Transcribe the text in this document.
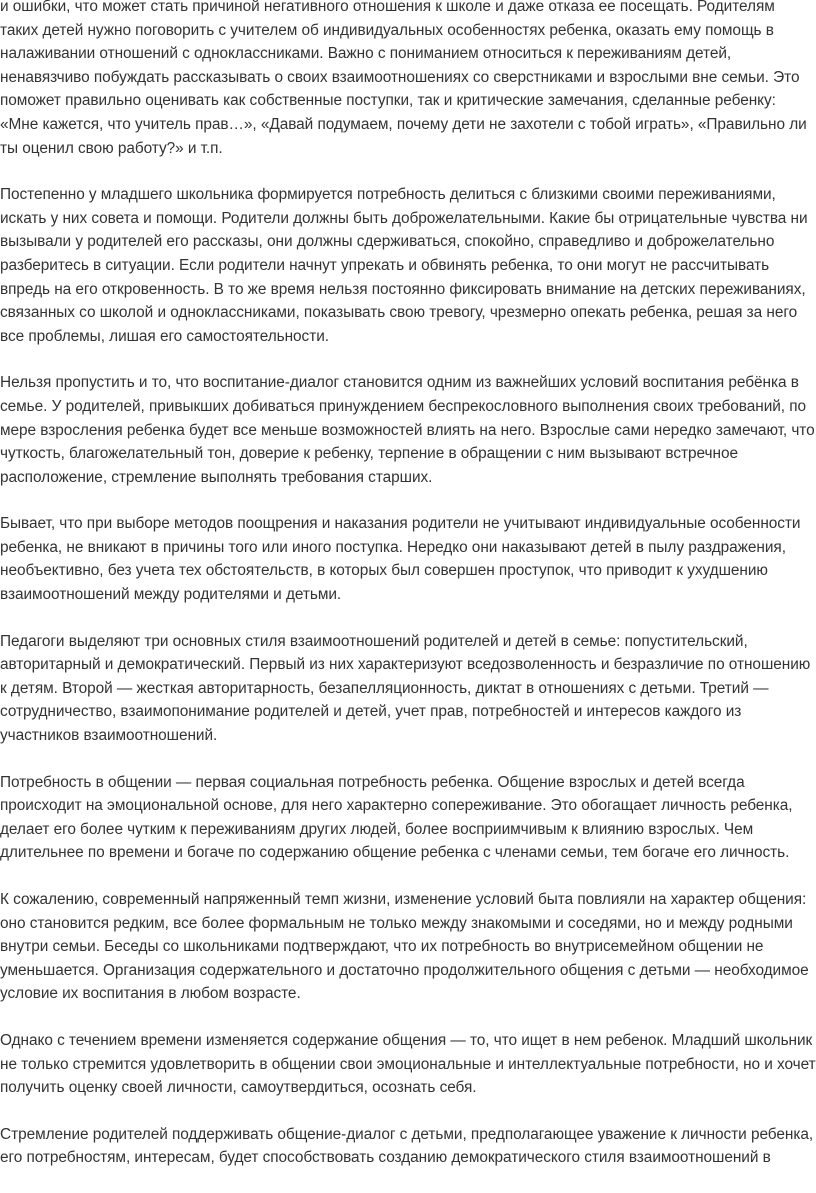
и ошибки, что может стать причиной негативного отношения к школе и даже отказа ее посещать. Родителям таких детей нужно поговорить с учителем об индивидуальных особенностях ребенка, оказать ему помощь в налаживании отношений с одноклассниками. Важно с пониманием относиться к переживаниям детей, ненавязчиво побуждать рассказывать о своих взаимоотношениях со сверстниками и взрослыми вне семьи. Это поможет правильно оценивать как собственные поступки, так и критические замечания, сделанные ребенку: «Мне кажется, что учитель прав…», «Давай подумаем, почему дети не захотели с тобой играть», «Правильно ли ты оценил свою работу?» и т.п.

Постепенно у младшего школьника формируется потребность делиться с близкими своими переживаниями, искать у них совета и помощи. Родители должны быть доброжелательными. Какие бы отрицательные чувства ни вызывали у родителей его рассказы, они должны сдерживаться, спокойно, справедливо и доброжелательно разберитесь в ситуации. Если родители начнут упрекать и обвинять ребенка, то они могут не рассчитывать впредь на его откровенность. В то же время нельзя постоянно фиксировать внимание на детских переживаниях, связанных со школой и одноклассниками, показывать свою тревогу, чрезмерно опекать ребенка, решая за него все проблемы, лишая его самостоятельности.

Нельзя пропустить и то, что воспитание-диалог становится одним из важнейших условий воспитания ребёнка в семье. У родителей, привыкших добиваться принуждением беспрекословного выполнения своих требований, по мере взросления ребенка будет все меньше возможностей влиять на него. Взрослые сами нередко замечают, что чуткость, благожелательный тон, доверие к ребенку, терпение в обращении с ним вызывают встречное расположение, стремление выполнять требования старших.

Бывает, что при выборе методов поощрения и наказания родители не учитывают индивидуальные особенности ребенка, не вникают в причины того или иного поступка. Нередко они наказывают детей в пылу раздражения, необъективно, без учета тех обстоятельств, в которых был совершен проступок, что приводит к ухудшению взаимоотношений между родителями и детьми.

Педагоги выделяют три основных стиля взаимоотношений родителей и детей в семье: попустительский, авторитарный и демократический. Первый из них характеризуют вседозволенность и безразличие по отношению к детям. Второй — жесткая авторитарность, безапелляционность, диктат в отношениях с детьми. Третий — сотрудничество, взаимопонимание родителей и детей, учет прав, потребностей и интересов каждого из участников взаимоотношений.

Потребность в общении — первая социальная потребность ребенка. Общение взрослых и детей всегда происходит на эмоциональной основе, для него характерно сопереживание. Это обогащает личность ребенка, делает его более чутким к переживаниям других людей, более восприимчивым к влиянию взрослых. Чем длительнее по времени и богаче по содержанию общение ребенка с членами семьи, тем богаче его личность.

К сожалению, современный напряженный темп жизни, изменение условий быта повлияли на характер общения: оно становится редким, все более формальным не только между знакомыми и соседями, но и между родными внутри семьи. Беседы со школьниками подтверждают, что их потребность во внутрисемейном общении не уменьшается. Организация содержательного и достаточно продолжительного общения с детьми — необходимое условие их воспитания в любом возрасте.

Однако с течением времени изменяется содержание общения — то, что ищет в нем ребенок. Младший школьник не только стремится удовлетворить в общении свои эмоциональные и интеллектуальные потребности, но и хочет получить оценку своей личности, самоутвердиться, осознать себя.

Стремление родителей поддерживать общение-диалог с детьми, предполагающее уважение к личности ребенка, его потребностям, интересам, будет способствовать созданию демократического стиля взаимоотношений в
